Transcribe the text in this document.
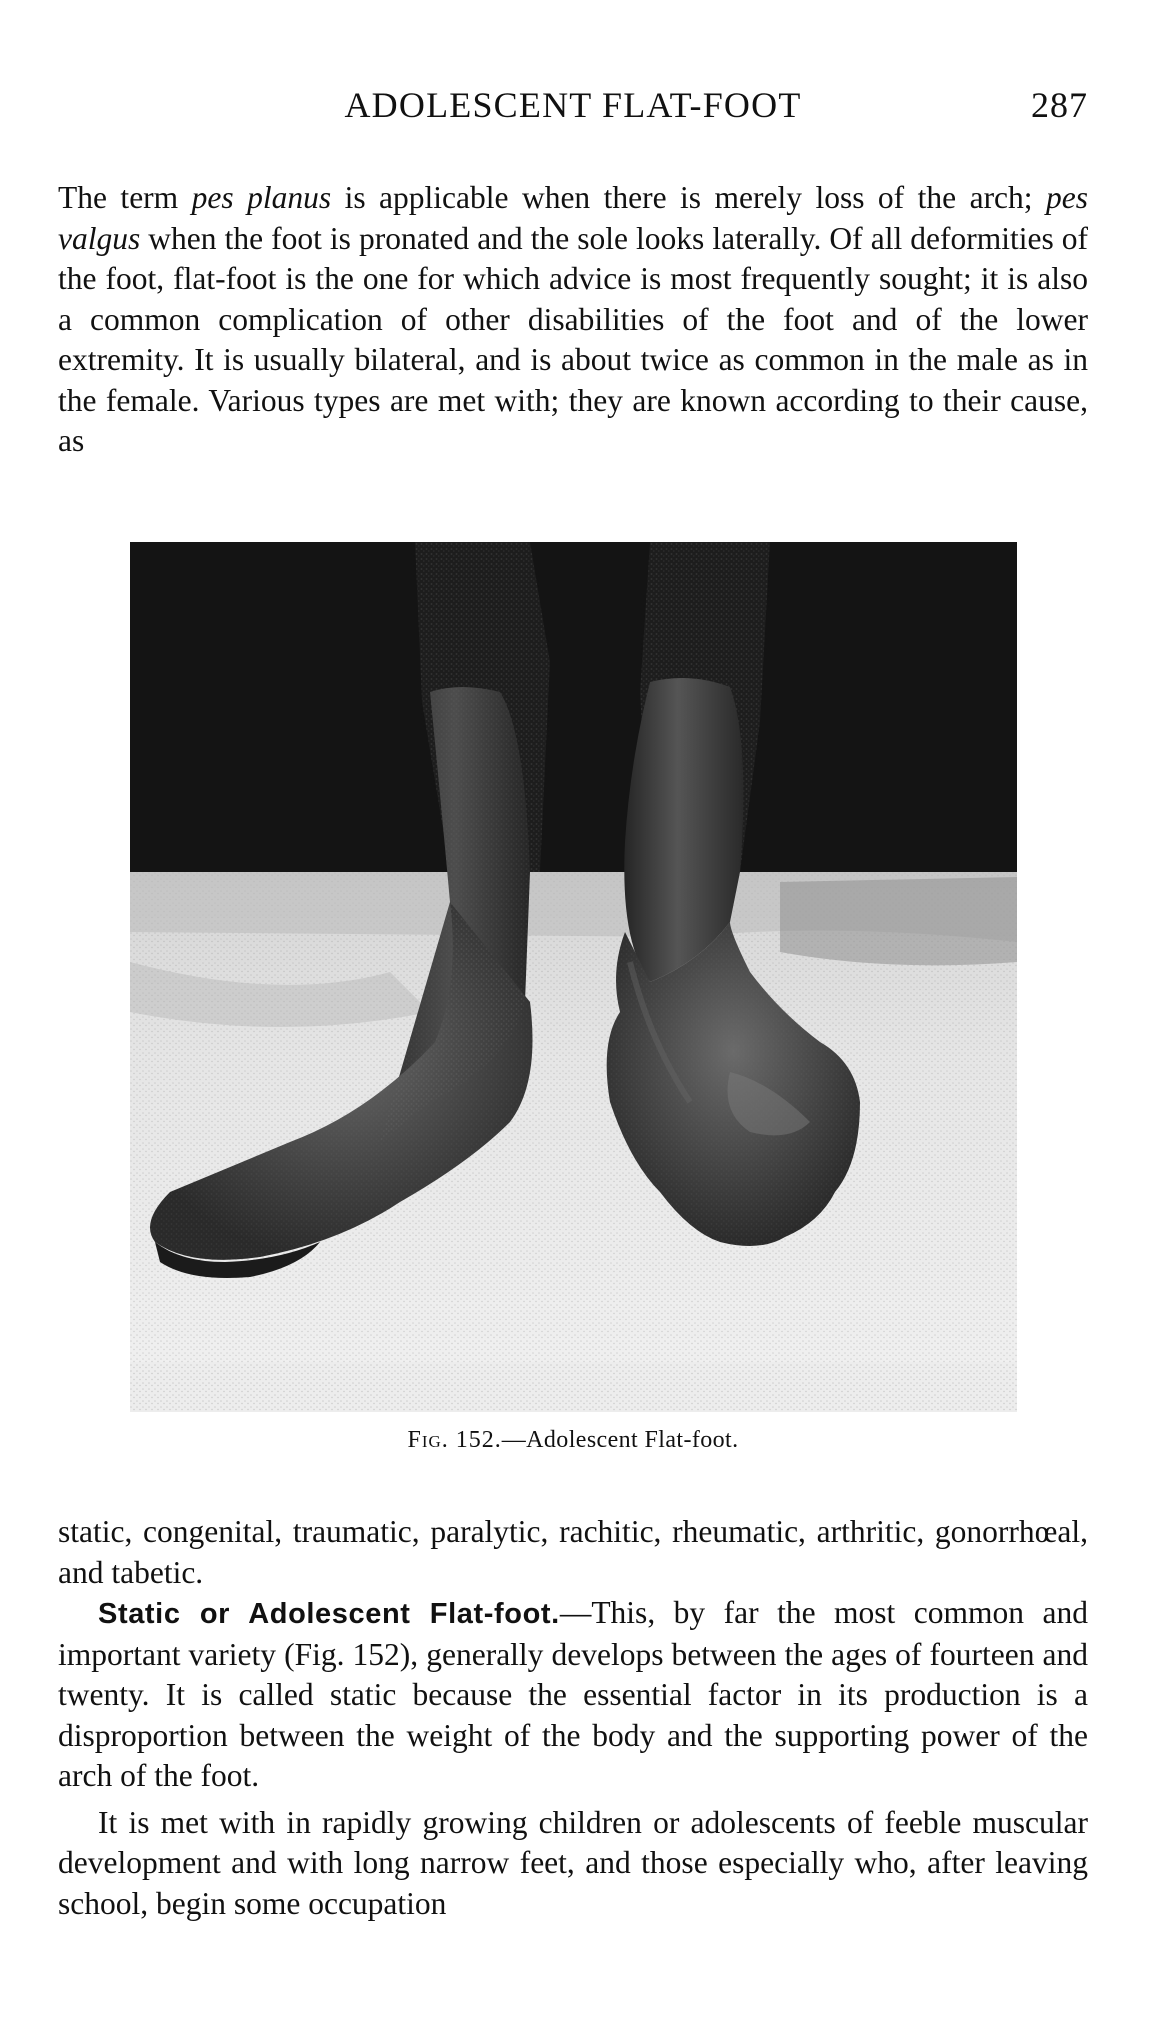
ADOLESCENT FLAT-FOOT	287

The term pes planus is applicable when there is merely loss of the arch; pes valgus when the foot is pronated and the sole looks laterally. Of all deformities of the foot, flat-foot is the one for which advice is most frequently sought; it is also a common complication of other disabilities of the foot and of the lower extremity. It is usually bilateral, and is about twice as common in the male as in the female. Various types are met with; they are known according to their cause, as

Fig. 152.—Adolescent Flat-foot.

static, congenital, traumatic, paralytic, rachitic, rheumatic, arthritic, gonorrhœal, and tabetic.

Static or Adolescent Flat-foot.—This, by far the most common and important variety (Fig. 152), generally develops between the ages of fourteen and twenty. It is called static because the essential factor in its production is a disproportion between the weight of the body and the supporting power of the arch of the foot.

It is met with in rapidly growing children or adolescents of feeble muscular development and with long narrow feet, and those especially who, after leaving school, begin some occupation
